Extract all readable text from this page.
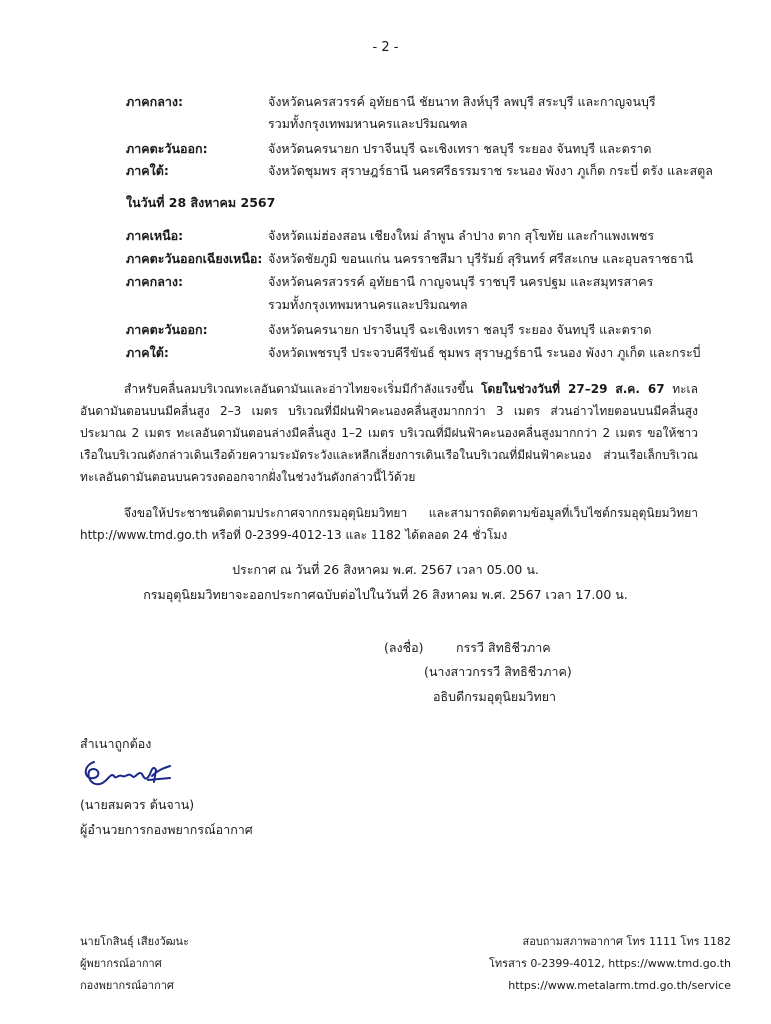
- 2 -
ภาคกลาง:	จังหวัดนครสวรรค์ อุทัยธานี ชัยนาท สิงห์บุรี ลพบุรี สระบุรี และกาญจนบุรี
รวมทั้งกรุงเทพมหานครและปริมณฑล
ภาคตะวันออก:	จังหวัดนครนายก ปราจีนบุรี ฉะเชิงเทรา ชลบุรี ระยอง จันทบุรี และตราด
ภาคใต้:	จังหวัดชุมพร สุราษฎร์ธานี นครศรีธรรมราช ระนอง พังงา ภูเก็ต กระบี่ ตรัง และสตูล
ในวันที่ 28 สิงหาคม 2567
ภาคเหนือ:	จังหวัดแม่ฮ่องสอน เชียงใหม่ ลำพูน ลำปาง ตาก สุโขทัย และกำแพงเพชร
ภาคตะวันออกเฉียงเหนือ: จังหวัดชัยภูมิ ขอนแก่น นครราชสีมา บุรีรัมย์ สุรินทร์ ศรีสะเกษ และอุบลราชธานี
ภาคกลาง:	จังหวัดนครสวรรค์ อุทัยธานี กาญจนบุรี ราชบุรี นครปฐม และสมุทรสาคร
รวมทั้งกรุงเทพมหานครและปริมณฑล
ภาคตะวันออก:	จังหวัดนครนายก ปราจีนบุรี ฉะเชิงเทรา ชลบุรี ระยอง จันทบุรี และตราด
ภาคใต้:	จังหวัดเพชรบุรี ประจวบคีรีขันธ์ ชุมพร สุราษฎร์ธานี ระนอง พังงา ภูเก็ต และกระบี่
สำหรับคลื่นลมบริเวณทะเลอันดามันและอ่าวไทยจะเริ่มมีกำลังแรงขึ้น โดยในช่วงวันที่ 27–29 ส.ค. 67 ทะเลอันดามันตอนบนมีคลื่นสูง 2–3 เมตร บริเวณที่มีฝนฟ้าคะนองคลื่นสูงมากกว่า 3 เมตร ส่วนอ่าวไทยตอนบนมีคลื่นสูงประมาณ 2 เมตร ทะเลอันดามันตอนล่างมีคลื่นสูง 1–2 เมตร บริเวณที่มีฝนฟ้าคะนองคลื่นสูงมากกว่า 2 เมตร ขอให้ชาวเรือในบริเวณดังกล่าวเดินเรือด้วยความระมัดระวังและหลีกเลี่ยงการเดินเรือในบริเวณที่มีฝนฟ้าคะนอง ส่วนเรือเล็กบริเวณทะเลอันดามันตอนบนควรงดออกจากฝั่งในช่วงวันดังกล่าวนี้ไว้ด้วย
จึงขอให้ประชาชนติดตามประกาศจากกรมอุตุนิยมวิทยา และสามารถติดตามข้อมูลที่เว็บไซต์กรมอุตุนิยมวิทยา http://www.tmd.go.th หรือที่ 0-2399-4012-13 และ 1182 ได้ตลอด 24 ชั่วโมง
ประกาศ ณ วันที่ 26 สิงหาคม พ.ศ. 2567 เวลา 05.00 น.
กรมอุตุนิยมวิทยาจะออกประกาศฉบับต่อไปในวันที่ 26 สิงหาคม พ.ศ. 2567 เวลา 17.00 น.
(ลงชื่อ)	กรรวี สิทธิชีวภาค
(นางสาวกรรวี สิทธิชีวภาค)
อธิบดีกรมอุตุนิยมวิทยา
สำเนาถูกต้อง
(นายสมควร ต้นจาน)
ผู้อำนวยการกองพยากรณ์อากาศ
นายโกสินธุ์ เสียงวัฒนะ
ผู้พยากรณ์อากาศ
กองพยากรณ์อากาศ
สอบถามสภาพอากาศ โทร 1111 โทร 1182
โทรสาร 0-2399-4012, https://www.tmd.go.th
https://www.metalarm.tmd.go.th/service
